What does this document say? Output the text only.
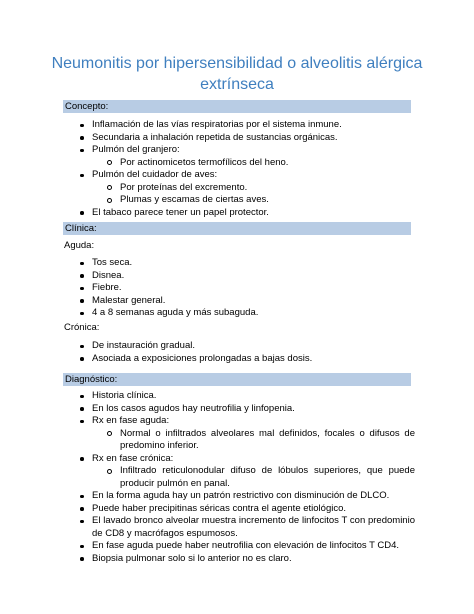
Neumonitis por hipersensibilidad o alveolitis alérgica extrínseca
Concepto:
Inflamación de las vías respiratorias por el sistema inmune.
Secundaria a inhalación repetida de sustancias orgánicas.
Pulmón del granjero:
Por actinomicetos termofílicos del heno.
Pulmón del cuidador de aves:
Por proteínas del excremento.
Plumas y escamas de ciertas aves.
El tabaco parece tener un papel protector.
Clínica:
Aguda:
Tos seca.
Disnea.
Fiebre.
Malestar general.
4 a 8 semanas aguda y más subaguda.
Crónica:
De instauración gradual.
Asociada a exposiciones prolongadas a bajas dosis.
Diagnóstico:
Historia clínica.
En los casos agudos hay neutrofilia y linfopenia.
Rx en fase aguda:
Normal o infiltrados alveolares mal definidos, focales o difusos de predomino inferior.
Rx en fase crónica:
Infiltrado reticulonodular difuso de lóbulos superiores, que puede producir pulmón en panal.
En la forma aguda hay un patrón restrictivo con disminución de DLCO.
Puede haber precipitinas séricas contra el agente etiológico.
El lavado bronco alveolar muestra incremento de linfocitos T con predominio de CD8 y macrófagos espumosos.
En fase aguda puede haber neutrofilia con elevación de linfocitos T CD4.
Biopsia pulmonar solo si lo anterior no es claro.
